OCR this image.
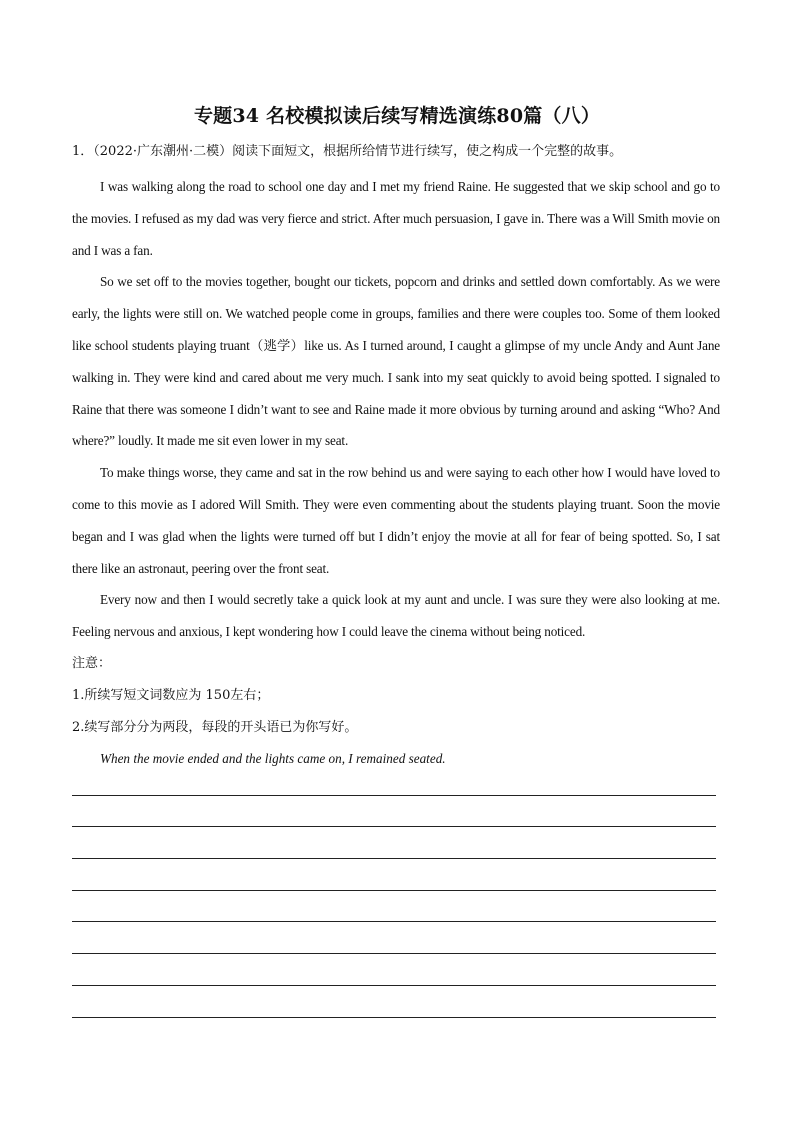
专题34 名校模拟读后续写精选演练80篇（八）
1．（2022·广东潮州·二模）阅读下面短文，根据所给情节进行续写，使之构成一个完整的故事。

I was walking along the road to school one day and I met my friend Raine. He suggested that we skip school and go to the movies. I refused as my dad was very fierce and strict. After much persuasion, I gave in. There was a Will Smith movie on and I was a fan.

So we set off to the movies together, bought our tickets, popcorn and drinks and settled down comfortably. As we were early, the lights were still on. We watched people come in groups, families and there were couples too. Some of them looked like school students playing truant（逃学）like us. As I turned around, I caught a glimpse of my uncle Andy and Aunt Jane walking in. They were kind and cared about me very much. I sank into my seat quickly to avoid being spotted. I signaled to Raine that there was someone I didn’t want to see and Raine made it more obvious by turning around and asking “Who? And where?” loudly. It made me sit even lower in my seat.

To make things worse, they came and sat in the row behind us and were saying to each other how I would have loved to come to this movie as I adored Will Smith. They were even commenting about the students playing truant. Soon the movie began and I was glad when the lights were turned off but I didn’t enjoy the movie at all for fear of being spotted. So, I sat there like an astronaut, peering over the front seat.

Every now and then I would secretly take a quick look at my aunt and uncle. I was sure they were also looking at me. Feeling nervous and anxious, I kept wondering how I could leave the cinema without being noticed.

注意：
1.所续写短文词数应为 150左右；
2.续写部分分为两段，每段的开头语已为你写好。
When the movie ended and the lights came on, I remained seated.
